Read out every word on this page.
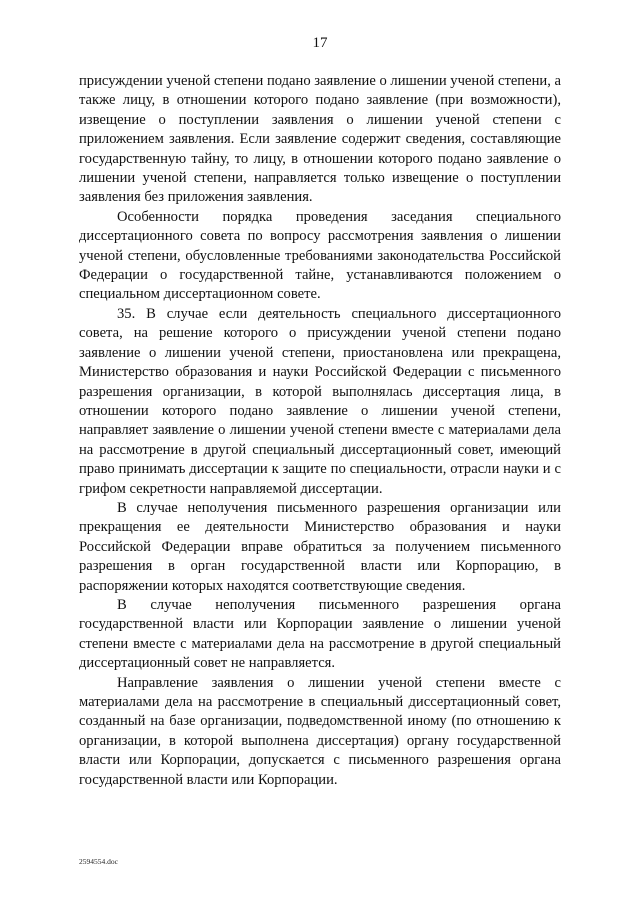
17

присуждении ученой степени подано заявление о лишении ученой степени, а также лицу, в отношении которого подано заявление (при возможности), извещение о поступлении заявления о лишении ученой степени с приложением заявления. Если заявление содержит сведения, составляющие государственную тайну, то лицу, в отношении которого подано заявление о лишении ученой степени, направляется только извещение о поступлении заявления без приложения заявления.

Особенности порядка проведения заседания специального диссертационного совета по вопросу рассмотрения заявления о лишении ученой степени, обусловленные требованиями законодательства Российской Федерации о государственной тайне, устанавливаются положением о специальном диссертационном совете.

35. В случае если деятельность специального диссертационного совета, на решение которого о присуждении ученой степени подано заявление о лишении ученой степени, приостановлена или прекращена, Министерство образования и науки Российской Федерации с письменного разрешения организации, в которой выполнялась диссертация лица, в отношении которого подано заявление о лишении ученой степени, направляет заявление о лишении ученой степени вместе с материалами дела на рассмотрение в другой специальный диссертационный совет, имеющий право принимать диссертации к защите по специальности, отрасли науки и с грифом секретности направляемой диссертации.

В случае неполучения письменного разрешения организации или прекращения ее деятельности Министерство образования и науки Российской Федерации вправе обратиться за получением письменного разрешения в орган государственной власти или Корпорацию, в распоряжении которых находятся соответствующие сведения.

В случае неполучения письменного разрешения органа государственной власти или Корпорации заявление о лишении ученой степени вместе с материалами дела на рассмотрение в другой специальный диссертационный совет не направляется.

Направление заявления о лишении ученой степени вместе с материалами дела на рассмотрение в специальный диссертационный совет, созданный на базе организации, подведомственной иному (по отношению к организации, в которой выполнена диссертация) органу государственной власти или Корпорации, допускается с письменного разрешения органа государственной власти или Корпорации.

2594554.doc
